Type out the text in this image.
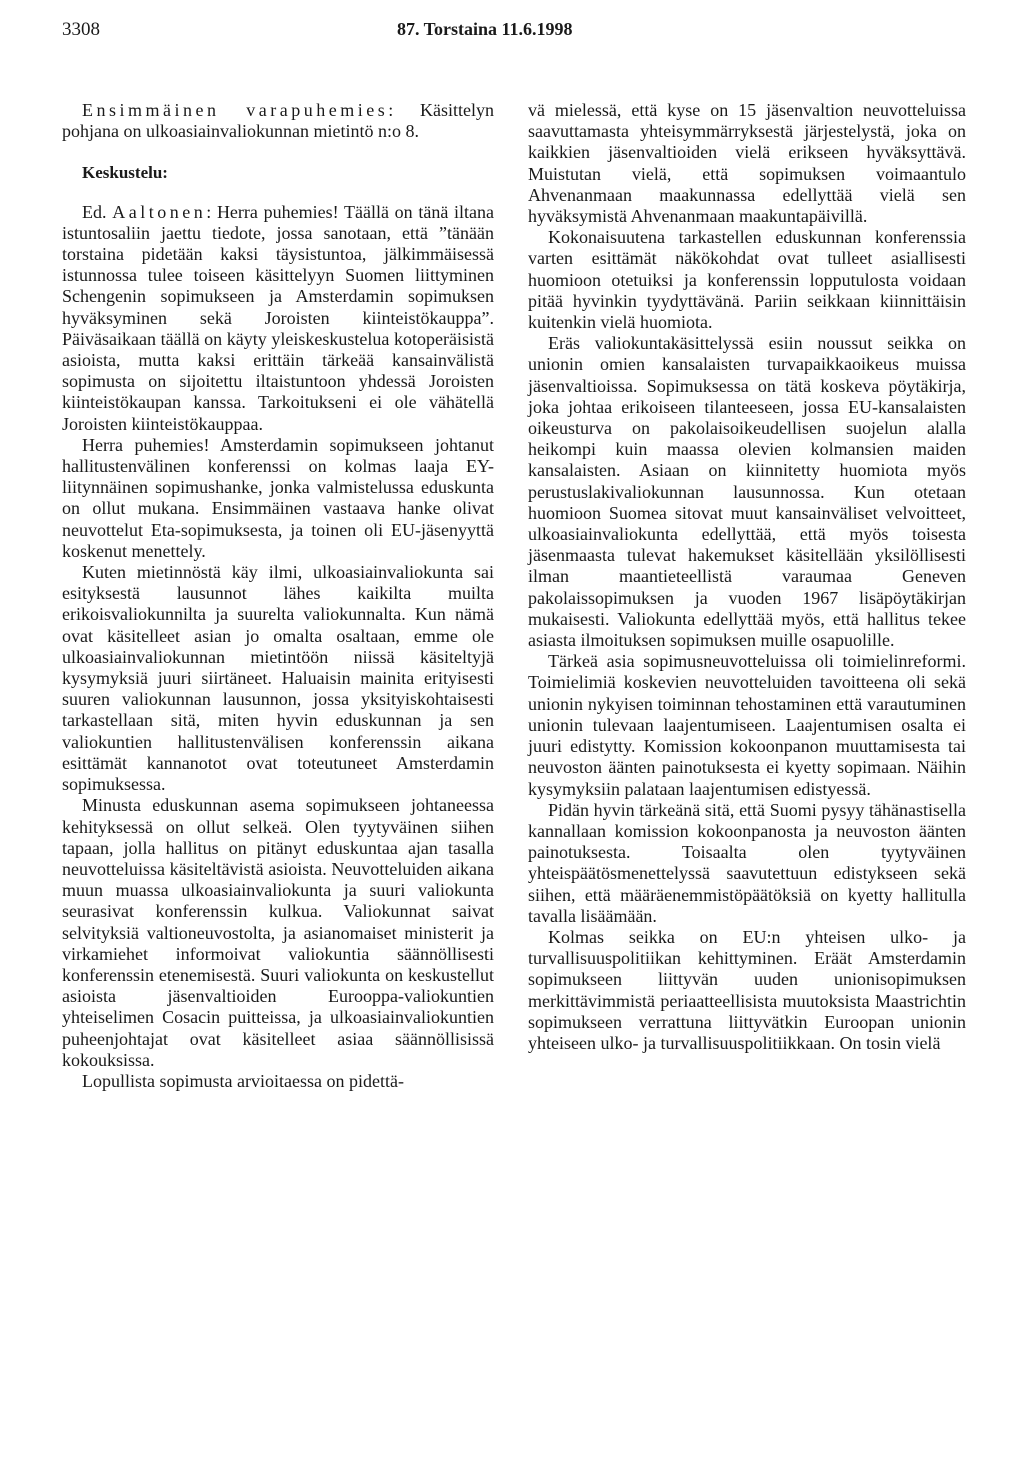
3308	87. Torstaina 11.6.1998

Ensimmäinen varapuhemies: Käsittelyn pohjana on ulkoasiainvaliokunnan mietintö n:o 8.

Keskustelu:

Ed. Aaltonen: Herra puhemies! Täällä on tänä iltana istuntosaliin jaettu tiedote, jossa sanotaan, että ”tänään torstaina pidetään kaksi täysistuntoa, jälkimmäisessä istunnossa tulee toiseen käsittelyyn Suomen liittyminen Schengenin sopimukseen ja Amsterdamin sopimuksen hyväksyminen sekä Joroisten kiinteistökauppa”. Päiväsaikaan täällä on käyty yleiskeskustelua kotoperäisistä asioista, mutta kaksi erittäin tärkeää kansainvälistä sopimusta on sijoitettu iltaistuntoon yhdessä Joroisten kiinteistökaupan kanssa. Tarkoitukseni ei ole vähätellä Joroisten kiinteistökauppaa.

Herra puhemies! Amsterdamin sopimukseen johtanut hallitustenvälinen konferenssi on kolmas laaja EY-liitynnäinen sopimushanke, jonka valmistelussa eduskunta on ollut mukana. Ensimmäinen vastaava hanke olivat neuvottelut Eta-sopimuksesta, ja toinen oli EU-jäsenyyttä koskenut menettely.

Kuten mietinnöstä käy ilmi, ulkoasiainvaliokunta sai esityksestä lausunnot lähes kaikilta muilta erikoisvaliokunnilta ja suurelta valiokunnalta. Kun nämä ovat käsitelleet asian jo omalta osaltaan, emme ole ulkoasiainvaliokunnan mietintöön niissä käsiteltyjä kysymyksiä juuri siirtäneet. Haluaisin mainita erityisesti suuren valiokunnan lausunnon, jossa yksityiskohtaisesti tarkastellaan sitä, miten hyvin eduskunnan ja sen valiokuntien hallitustenvälisen konferenssin aikana esittämät kannanotot ovat toteutuneet Amsterdamin sopimuksessa.

Minusta eduskunnan asema sopimukseen johtaneessa kehityksessä on ollut selkeä. Olen tyytyväinen siihen tapaan, jolla hallitus on pitänyt eduskuntaa ajan tasalla neuvotteluissa käsiteltävistä asioista. Neuvotteluiden aikana muun muassa ulkoasiainvaliokunta ja suuri valiokunta seurasivat konferenssin kulkua. Valiokunnat saivat selvityksiä valtioneuvostolta, ja asianomaiset ministerit ja virkamiehet informoivat valiokuntia säännöllisesti konferenssin etenemisestä. Suuri valiokunta on keskustellut asioista jäsenvaltioiden Eurooppa-valiokuntien yhteiselimen Cosacin puitteissa, ja ulkoasiainvaliokuntien puheenjohtajat ovat käsitelleet asiaa säännöllisissä kokouksissa.

Lopullista sopimusta arvioitaessa on pidettä-

vä mielessä, että kyse on 15 jäsenvaltion neuvotteluissa saavuttamasta yhteisymmärryksestä järjestelystä, joka on kaikkien jäsenvaltioiden vielä erikseen hyväksyttävä. Muistutan vielä, että sopimuksen voimaantulo Ahvenanmaan maakunnassa edellyttää vielä sen hyväksymistä Ahvenanmaan maakuntapäivillä.

Kokonaisuutena tarkastellen eduskunnan konferenssia varten esittämät näkökohdat ovat tulleet asiallisesti huomioon otetuiksi ja konferenssin lopputulosta voidaan pitää hyvinkin tyydyttävänä. Pariin seikkaan kiinnittäisin kuitenkin vielä huomiota.

Eräs valiokuntakäsittelyssä esiin noussut seikka on unionin omien kansalaisten turvapaikkaoikeus muissa jäsenvaltioissa. Sopimuksessa on tätä koskeva pöytäkirja, joka johtaa erikoiseen tilanteeseen, jossa EU-kansalaisten oikeusturva on pakolaisoikeudellisen suojelun alalla heikompi kuin maassa olevien kolmansien maiden kansalaisten. Asiaan on kiinnitetty huomiota myös perustuslakivaliokunnan lausunnossa. Kun otetaan huomioon Suomea sitovat muut kansainväliset velvoitteet, ulkoasiainvaliokunta edellyttää, että myös toisesta jäsenmaasta tulevat hakemukset käsitellään yksilöllisesti ilman maantieteellistä varaumaa Geneven pakolaissopimuksen ja vuoden 1967 lisäpöytäkirjan mukaisesti. Valiokunta edellyttää myös, että hallitus tekee asiasta ilmoituksen sopimuksen muille osapuolille.

Tärkeä asia sopimusneuvotteluissa oli toimielinreformi. Toimielimiä koskevien neuvotteluiden tavoitteena oli sekä unionin nykyisen toiminnan tehostaminen että varautuminen unionin tulevaan laajentumiseen. Laajentumisen osalta ei juuri edistytty. Komission kokoonpanon muuttamisesta tai neuvoston äänten painotuksesta ei kyetty sopimaan. Näihin kysymyksiin palataan laajentumisen edistyessä.

Pidän hyvin tärkeänä sitä, että Suomi pysyy tähänastisella kannallaan komission kokoonpanosta ja neuvoston äänten painotuksesta. Toisaalta olen tyytyväinen yhteispäätösmenettelyssä saavutettuun edistykseen sekä siihen, että määräenemmistöpäätöksiä on kyetty hallitulla tavalla lisäämään.

Kolmas seikka on EU:n yhteisen ulko- ja turvallisuuspolitiikan kehittyminen. Eräät Amsterdamin sopimukseen liittyvän uuden unionisopimuksen merkittävimmistä periaatteellisista muutoksista Maastrichtin sopimukseen verrattuna liittyvätkin Euroopan unionin yhteiseen ulko- ja turvallisuuspolitiikkaan. On tosin vielä
